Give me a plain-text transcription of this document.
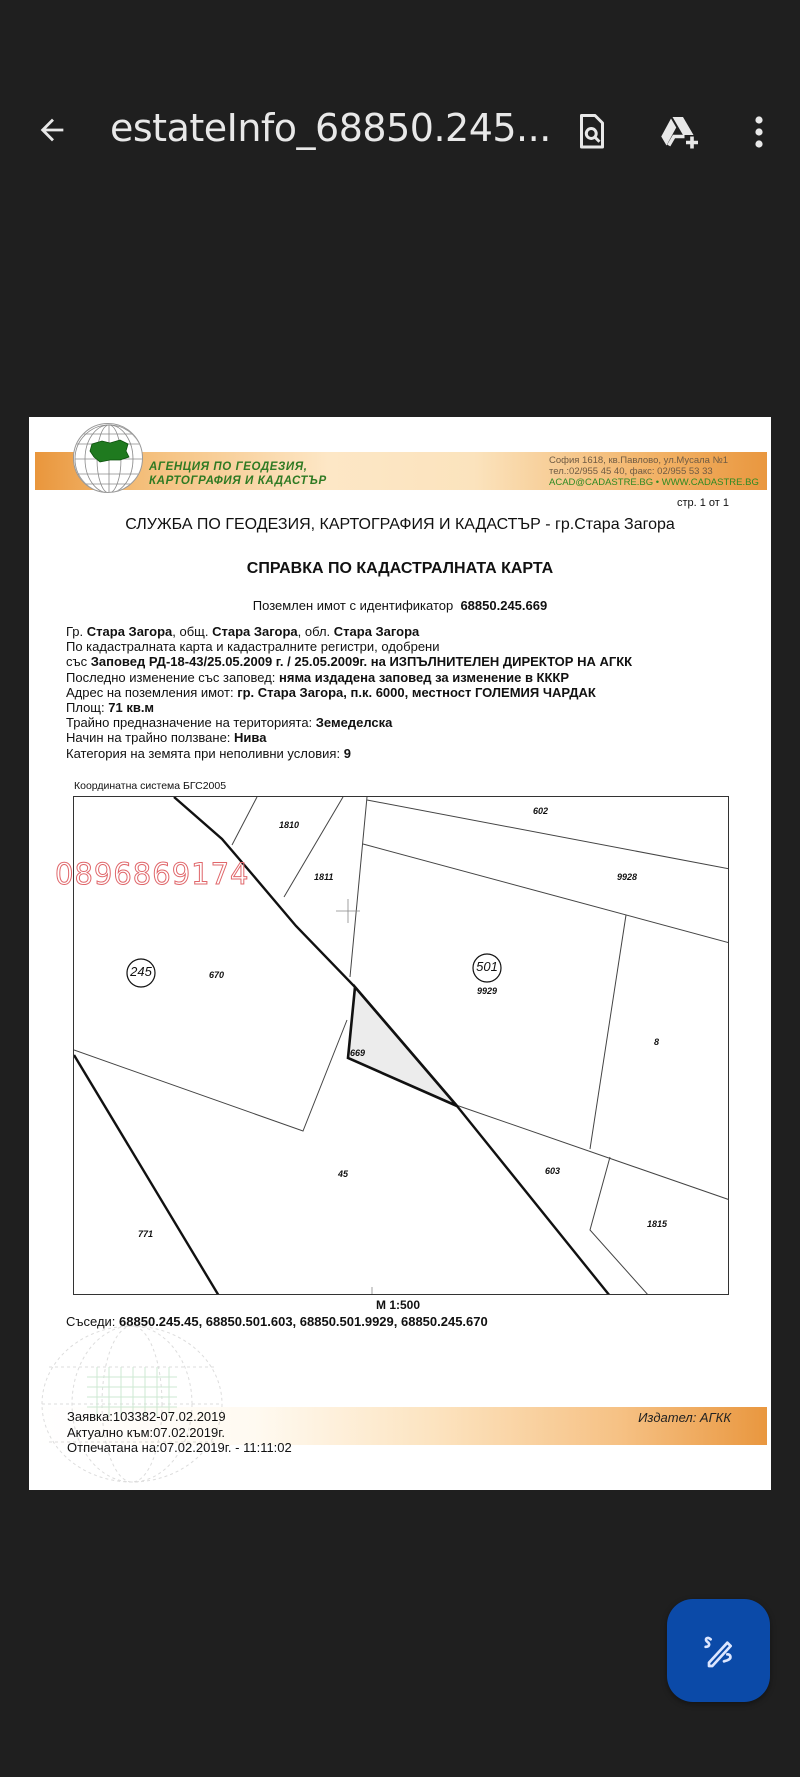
estateInfo_68850.245...
АГЕНЦИЯ ПО ГЕОДЕЗИЯ,
КАРТОГРАФИЯ И КАДАСТЪР
София 1618, кв.Павлово, ул.Мусала №1
тел.:02/955 45 40, факс: 02/955 53 33
ACAD@CADASTRE.BG • WWW.CADASTRE.BG
стр. 1 от 1
СЛУЖБА ПО ГЕОДЕЗИЯ, КАРТОГРАФИЯ И КАДАСТЪР - гр.Стара Загора
СПРАВКА ПО КАДАСТРАЛНАТА КАРТА
Поземлен имот с идентификатор 68850.245.669
Гр. Стара Загора, общ. Стара Загора, обл. Стара Загора
По кадастралната карта и кадастралните регистри, одобрени
със Заповед РД-18-43/25.05.2009 г. / 25.05.2009г. на ИЗПЪЛНИТЕЛЕН ДИРЕКТОР НА АГКК
Последно изменение със заповед: няма издадена заповед за изменение в КККР
Адрес на поземления имот: гр. Стара Загора, п.к. 6000, местност ГОЛЕМИЯ ЧАРДАК
Площ: 71 кв.м
Трайно предназначение на територията: Земеделска
Начин на трайно ползване: Нива
Категория на земята при неполивни условия: 9
Координатна система БГС2005
245	501
1810
1811
602
9928
670
9929
669
8
45	603
1815
771
0896869174
М 1:500
Съседи: 68850.245.45, 68850.501.603, 68850.501.9929, 68850.245.670
Заявка:103382-07.02.2019
Актуално към:07.02.2019г.
Отпечатана на:07.02.2019г. - 11:11:02
Издател: АГКК
